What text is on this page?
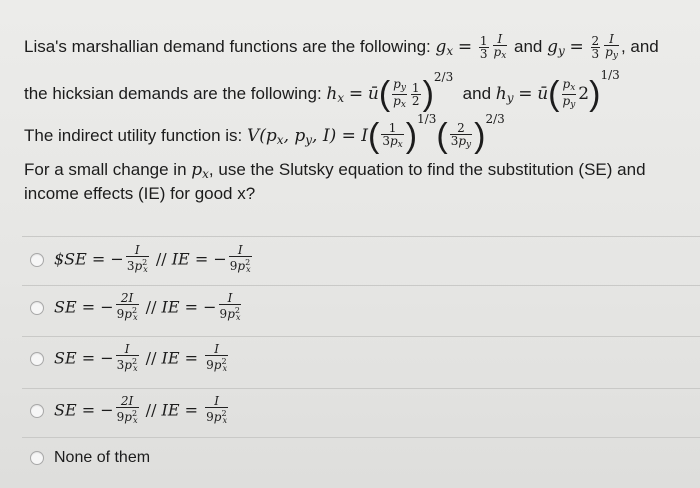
Lisa's marshallian demand functions are the following: $g_x = \frac{1}{3} \frac{I}{p_x}$ and $g_y = \frac{2}{3} \frac{I}{p_y}$ , and
the hicksian demands are the following: $h_x$ = ū( $\frac{p_y}{p_x} \frac{1}{2} )^{2/3}$  and $h_y$ = ū( $\frac{p_x}{p_y} 2)^{1/3}$
The indirect utility function is: $V(p_x$, $p_y$, $I) = I( \frac{1}{3p_x} )^{1/3}( \frac{2}{3p_y} )^{2/3}$
For a small change in $p_x$, use the Slutsky equation to find the substitution (SE) and
income effects (IE) for good x?
$SE = − $\frac{I}{3p^2_x}$ // IE = − $\frac{I}{9p^2_x}$
SE = − $\frac{2I}{9p^2_x}$ // IE = − $\frac{I}{9p^2_x}$
SE = − $\frac{I}{3p^2_x}$ // IE = $\frac{I}{9p^2_x}$
SE = − $\frac{2I}{9p^2_x}$ // IE = $\frac{I}{9p^2_x}$
None of them
